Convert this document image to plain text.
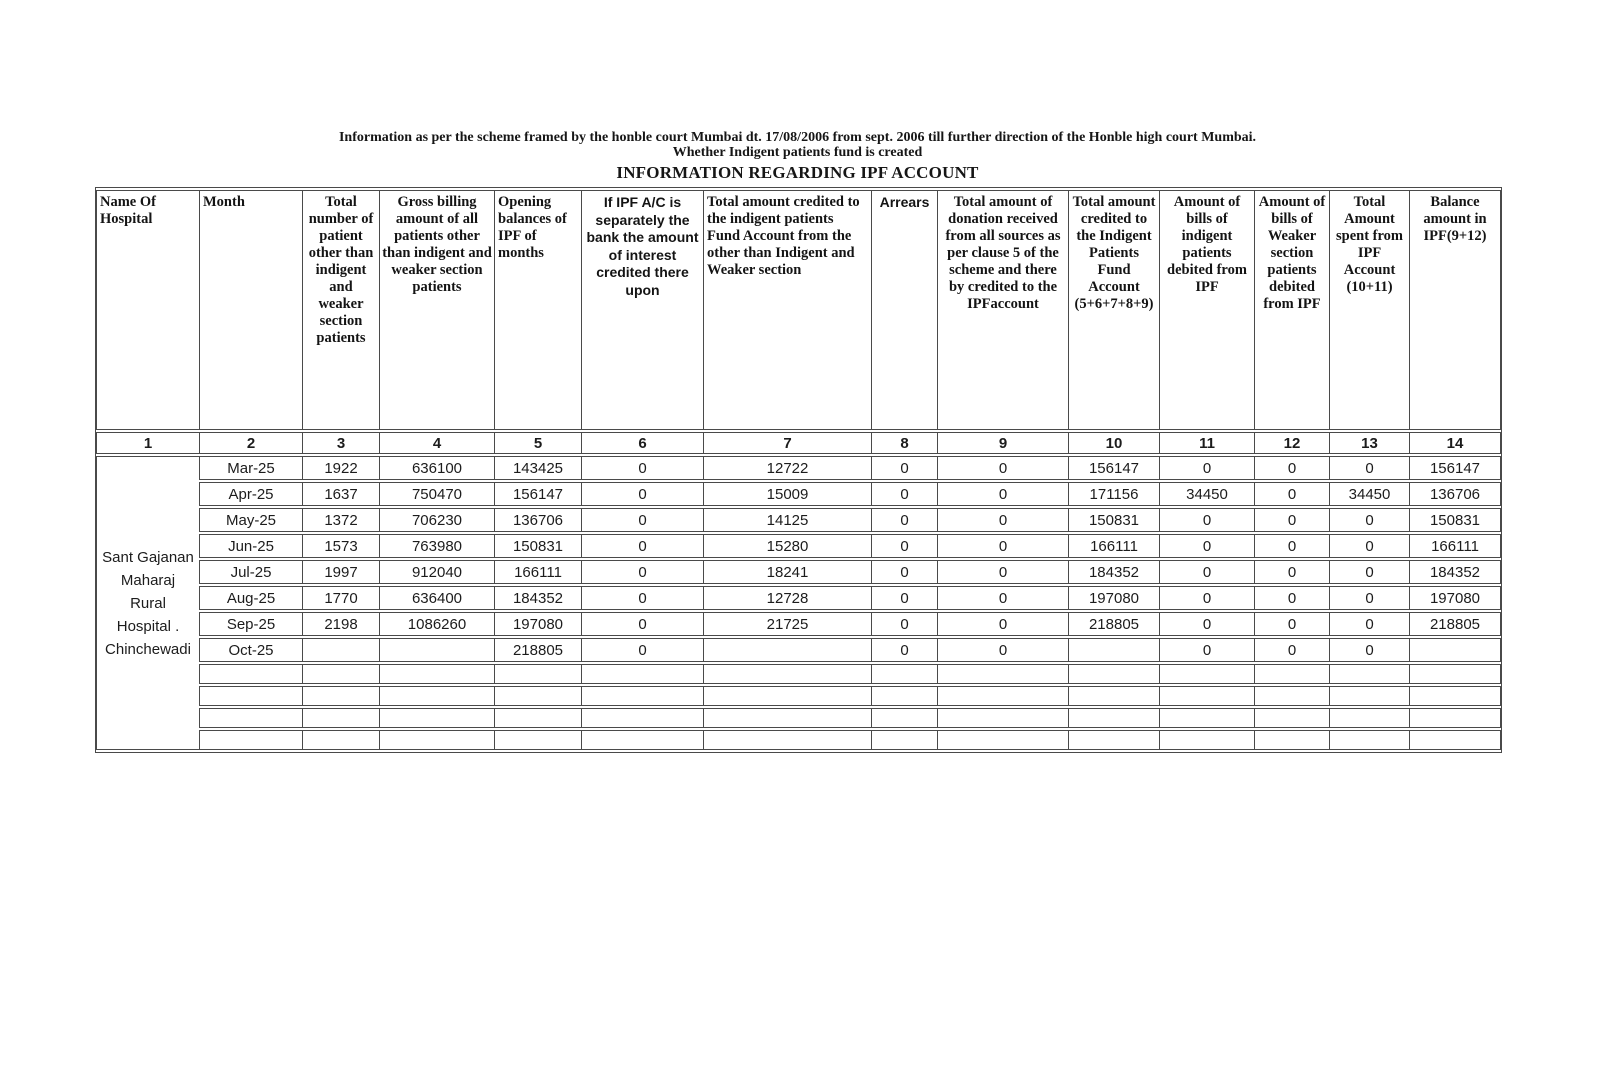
Information as per the scheme framed by the honble court Mumbai dt. 17/08/2006 from sept. 2006 till further direction of the Honble high court Mumbai.
Whether Indigent patients fund is created
INFORMATION REGARDING IPF ACCOUNT
Name Of Hospital	Month	Total number of patient other than indigent and weaker section patients	Gross billing amount of all patients other than indigent and weaker section patients	Opening balances of IPF of months	If IPF A/C is separately the bank the amount of interest credited there upon	Total amount credited to the indigent patients Fund Account from the other than Indigent and Weaker section	Arrears	Total amount of donation received from all sources as per clause 5 of the scheme and there by credited to the IPFaccount	Total amount credited to the Indigent Patients Fund Account (5+6+7+8+9)	Amount of bills of indigent patients debited from IPF	Amount of bills of Weaker section patients debited from IPF	Total Amount spent from IPF Account (10+11)	Balance amount in IPF(9+12)
1	2	3	4	5	6	7	8	9	10	11	12	13	14

Sant Gajanan Maharaj Rural Hospital . Chinchewadi	Mar-25	1922	636100	143425	0	12722	0	0	156147	0	0	0	156147
	Apr-25	1637	750470	156147	0	15009	0	0	171156	34450	0	34450	136706
	May-25	1372	706230	136706	0	14125	0	0	150831	0	0	0	150831
	Jun-25	1573	763980	150831	0	15280	0	0	166111	0	0	0	166111
	Jul-25	1997	912040	166111	0	18241	0	0	184352	0	0	0	184352
	Aug-25	1770	636400	184352	0	12728	0	0	197080	0	0	0	197080
	Sep-25	2198	1086260	197080	0	21725	0	0	218805	0	0	0	218805
	Oct-25			218805	0		0	0		0	0	0	
